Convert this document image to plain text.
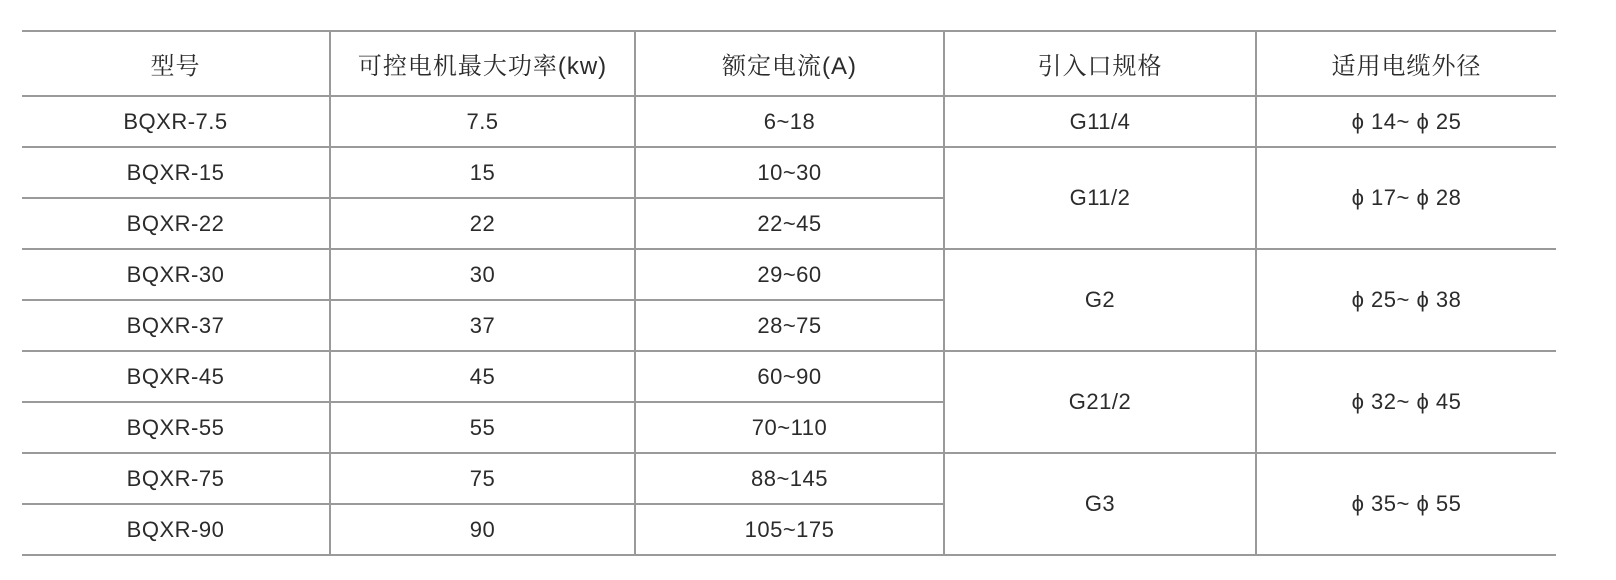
型号	可控电机最大功率(kw)	额定电流(A)	引入口规格	适用电缆外径
BQXR-7.5	7.5	6~18	G11/4	ϕ 14~ ϕ 25
BQXR-15	15	10~30	G11/2	ϕ 17~ ϕ 28
BQXR-22	22	22~45		
BQXR-30	30	29~60	G2	ϕ 25~ ϕ 38
BQXR-37	37	28~75		
BQXR-45	45	60~90	G21/2	ϕ 32~ ϕ 45
BQXR-55	55	70~110		
BQXR-75	75	88~145	G3	ϕ 35~ ϕ 55
BQXR-90	90	105~175		
